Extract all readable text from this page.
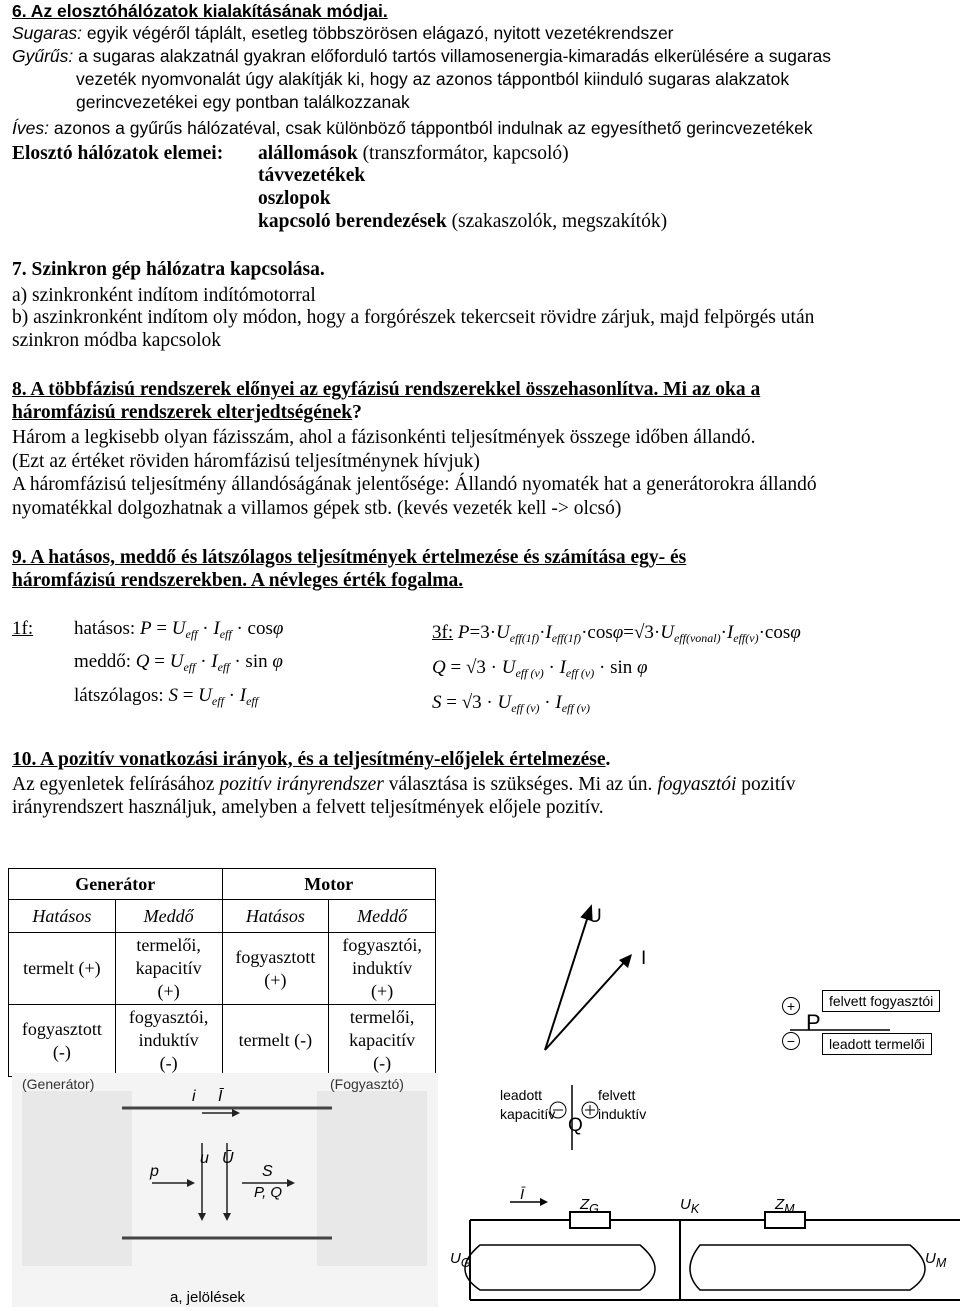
6. Az elosztóhálózatok kialakításának módjai.
Sugaras: egyik végéről táplált, esetleg többszörösen elágazó, nyitott vezetékrendszer
Gyűrűs: a sugaras alakzatnál gyakran előforduló tartós villamosenergia-kimaradás elkerülésére a sugaras
vezeték nyomvonalát úgy alakítják ki, hogy az azonos táppontból kiinduló sugaras alakzatok
gerincvezetékei egy pontban találkozzanak
Íves: azonos a gyűrűs hálózatéval, csak különböző táppontból indulnak az egyesíthető gerincvezetékek
Elosztó hálózatok elemei: alállomások (transzformátor, kapcsoló)
távvezetékek
oszlopok
kapcsoló berendezések (szakaszolók, megszakítók)
7. Szinkron gép hálózatra kapcsolása.
a) szinkronként indítom indítómotorral
b) aszinkronként indítom oly módon, hogy a forgórészek tekercseit rövidre zárjuk, majd felpörgés után
szinkron módba kapcsolok
8. A többfázisú rendszerek előnyei az egyfázisú rendszerekkel összehasonlítva. Mi az oka a
háromfázisú rendszerek elterjedtségének?
Három a legkisebb olyan fázisszám, ahol a fázisonkénti teljesítmények összege időben állandó.
(Ezt az értéket röviden háromfázisú teljesítménynek hívjuk)
A háromfázisú teljesítmény állandóságának jelentősége: Állandó nyomaték hat a generátorokra állandó
nyomatékkal dolgozhatnak a villamos gépek stb. (kevés vezeték kell -> olcsó)
9. A hatásos, meddő és látszólagos teljesítmények értelmezése és számítása egy- és
háromfázisú rendszerekben. A névleges érték fogalma.
1f: hatásos: $P = U_{eff} \cdot I_{eff} \cdot \cos\varphi$
meddő: $Q = U_{eff} \cdot I_{eff} \cdot \sin \varphi$
látszólagos: $S = U_{eff} \cdot I_{eff}$
3f: $P=3\cdot U_{eff(1f)}\cdot I_{eff(1f)}\cdot\cos\varphi=√3\cdot U_{eff(vonal)}\cdot I_{eff(v)}\cdot\cos\varphi$
$Q = √3 \cdot U_{eff (v)} \cdot I_{eff (v)} \cdot \sin \varphi$
$S = √3 \cdot U_{eff (v)} \cdot I_{eff (v)}$
10. A pozitív vonatkozási irányok, és a teljesítmény-előjelek értelmezése.
Az egyenletek felírásához pozitív irányrendszer választása is szükséges. Mi az ún. fogyasztói pozitív
irányrendszert használjuk, amelyben a felvett teljesítmények előjele pozitív.
Generátor		Motor	
Hatásos	Meddő	Hatásos	Meddő
termelt (+)	termelői,
kapacitív
(+)	fogyasztott
(+)	fogyasztói,
induktív
(+)
fogyasztott
(-)	fogyasztói,
induktív
(-)	termelt (-)	termelői,
kapacitív
(-)
U
I
+
−
P
felvett fogyasztói
leadott termelői
Q
leadott
kapacitív
felvett
induktív
(Generátor)	(Fogyasztó)
i Ī
u Ū
p	S
P, Q
a, jelölések
Ī
$Z_G$	$Z_M$
$U_K$
$U_G$	$U_M$
